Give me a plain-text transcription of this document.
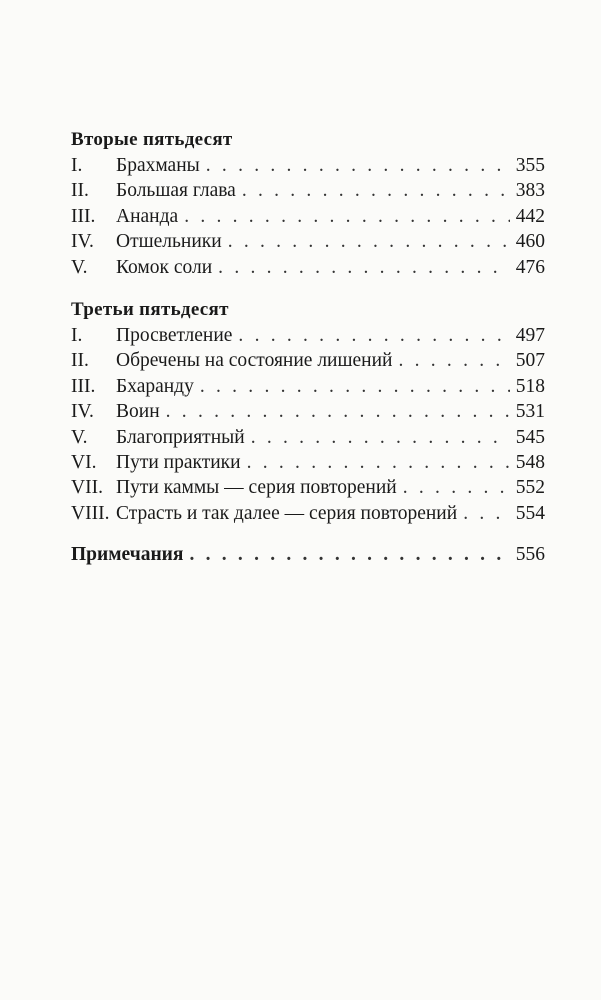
Вторые пятьдесят
I.	Брахманы . . .	355
II.	Большая глава . . .	383
III.	Ананда . . .	442
IV.	Отшельники . . .	460
V.	Комок соли . . .	476
Третьи пятьдесят
I.	Просветление . . .	497
II.	Обречены на состояние лишений . . .	507
III.	Бхаранду . . .	518
IV.	Воин . . .	531
V.	Благоприятный . . .	545
VI.	Пути практики . . .	548
VII. Пути каммы — серия повторений . . .	552
VIII. Страсть и так далее — серия повторений . . .	554
Примечания . . .	556
